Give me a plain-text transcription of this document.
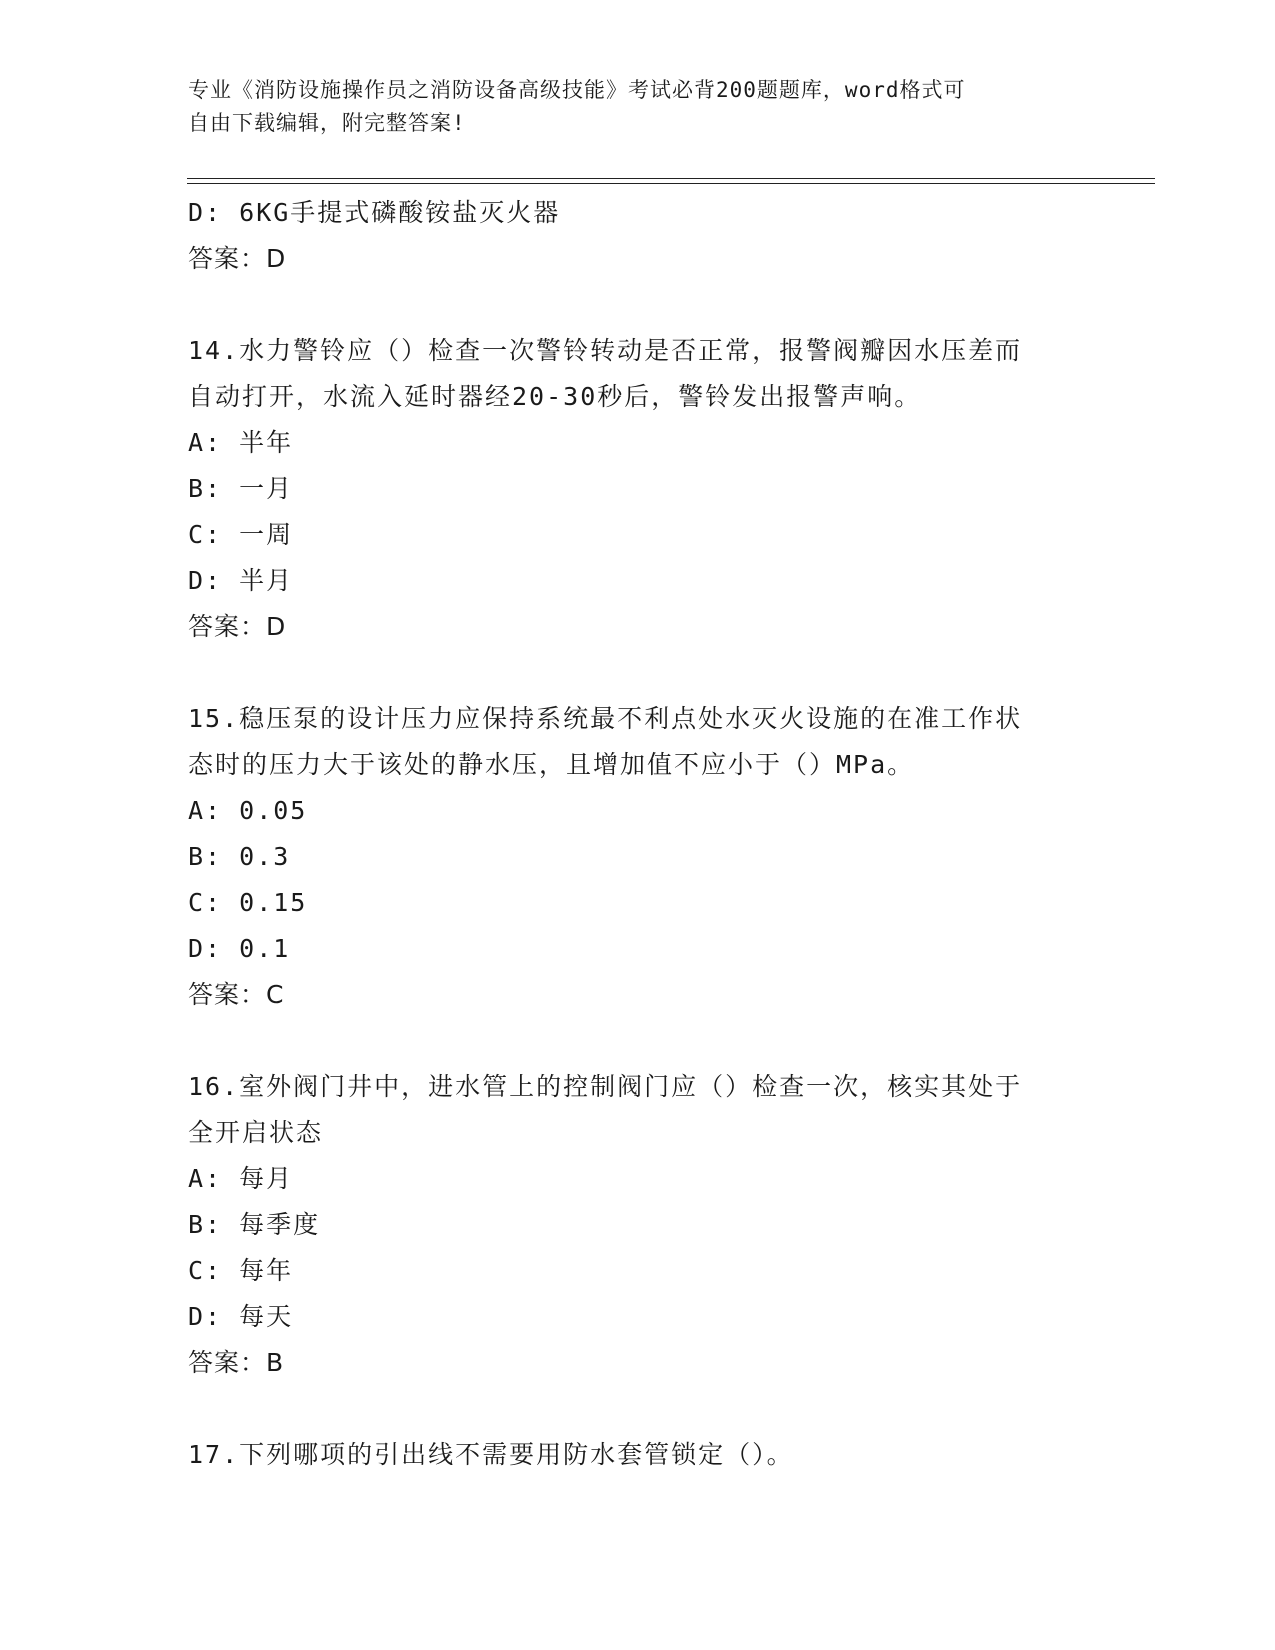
专业《消防设施操作员之消防设备高级技能》考试必背200题题库，word格式可
自由下载编辑，附完整答案!
D: 6KG手提式磷酸铵盐灭火器
答案：D
14.水力警铃应（）检查一次警铃转动是否正常，报警阀瓣因水压差而
自动打开，水流入延时器经20-30秒后，警铃发出报警声响。
A: 半年
B: 一月
C: 一周
D: 半月
答案：D
15.稳压泵的设计压力应保持系统最不利点处水灭火设施的在准工作状
态时的压力大于该处的静水压，且增加值不应小于（）MPa。
A: 0.05
B: 0.3
C: 0.15
D: 0.1
答案：C
16.室外阀门井中，进水管上的控制阀门应（）检查一次，核实其处于
全开启状态
A: 每月
B: 每季度
C: 每年
D: 每天
答案：B
17.下列哪项的引出线不需要用防水套管锁定（）。
